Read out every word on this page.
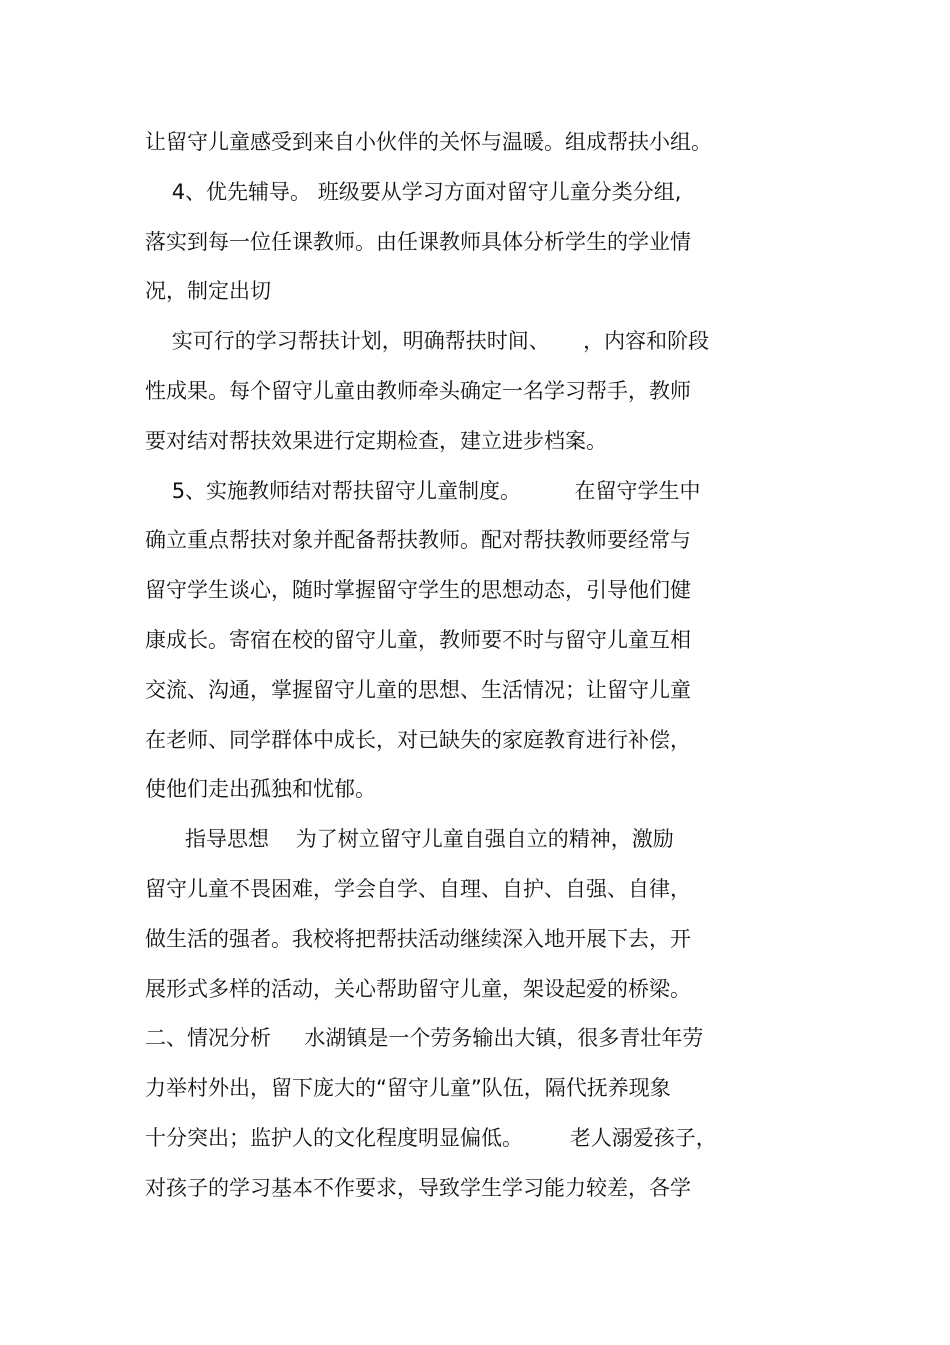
让留守儿童感受到来自小伙伴的关怀与温暖。组成帮扶小组。
4、优先辅导。 班级要从学习方面对留守儿童分类分组,
落实到每一位任课教师。由任课教师具体分析学生的学业情
况，制定出切
实可行的学习帮扶计划，明确帮扶时间、     ，内容和阶段
性成果。每个留守儿童由教师牵头确定一名学习帮手，教师
要对结对帮扶效果进行定期检查，建立进步档案。
5、实施教师结对帮扶留守儿童制度。        在留守学生中
确立重点帮扶对象并配备帮扶教师。配对帮扶教师要经常与
留守学生谈心，随时掌握留守学生的思想动态，引导他们健
康成长。寄宿在校的留守儿童，教师要不时与留守儿童互相
交流、沟通，掌握留守儿童的思想、生活情况；让留守儿童
在老师、同学群体中成长，对已缺失的家庭教育进行补偿，
使他们走出孤独和忧郁。
指导思想    为了树立留守儿童自强自立的精神，激励
留守儿童不畏困难，学会自学、自理、自护、自强、自律，
做生活的强者。我校将把帮扶活动继续深入地开展下去，开
展形式多样的活动，关心帮助留守儿童，架设起爱的桥梁。
二、情况分析     水湖镇是一个劳务输出大镇，很多青壮年劳
力举村外出，留下庞大的“留守儿童”队伍，隔代抚养现象
十分突出；监护人的文化程度明显偏低。       老人溺爱孩子，
对孩子的学习基本不作要求，导致学生学习能力较差，各学
